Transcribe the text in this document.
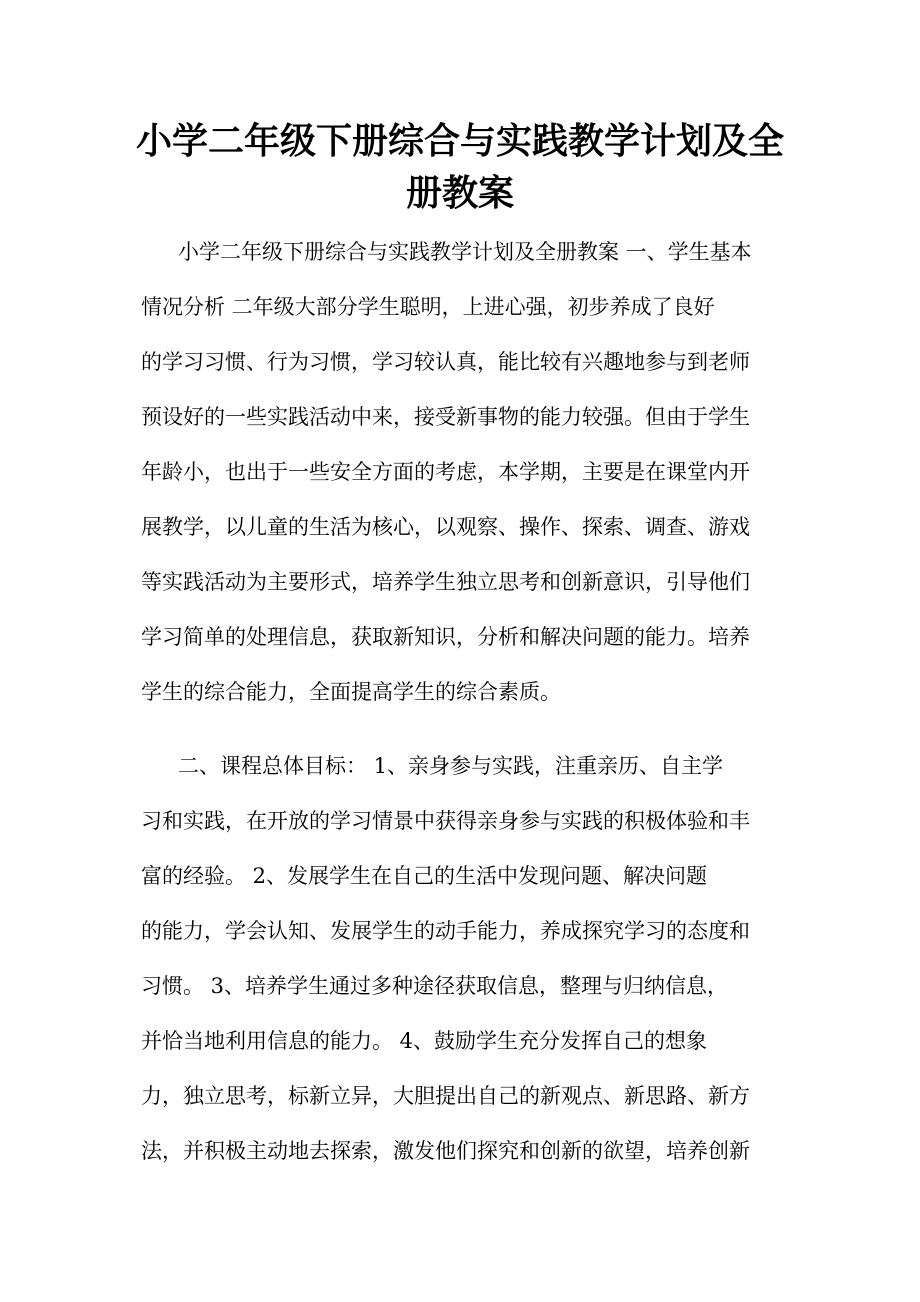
小学二年级下册综合与实践教学计划及全
册教案
小学二年级下册综合与实践教学计划及全册教案 一、学生基本
情况分析 二年级大部分学生聪明，上进心强，初步养成了良好
的学习习惯、行为习惯，学习较认真，能比较有兴趣地参与到老师
预设好的一些实践活动中来，接受新事物的能力较强。但由于学生
年龄小，也出于一些安全方面的考虑，本学期，主要是在课堂内开
展教学，以儿童的生活为核心，以观察、操作、探索、调查、游戏
等实践活动为主要形式，培养学生独立思考和创新意识，引导他们
学习简单的处理信息，获取新知识，分析和解决问题的能力。培养
学生的综合能力，全面提高学生的综合素质。
二、课程总体目标： 1、亲身参与实践，注重亲历、自主学
习和实践，在开放的学习情景中获得亲身参与实践的积极体验和丰
富的经验。 2、发展学生在自己的生活中发现问题、解决问题
的能力，学会认知、发展学生的动手能力，养成探究学习的态度和
习惯。 3、培养学生通过多种途径获取信息，整理与归纳信息，
并恰当地利用信息的能力。 4、鼓励学生充分发挥自己的想象
力，独立思考，标新立异，大胆提出自己的新观点、新思路、新方
法，并积极主动地去探索，激发他们探究和创新的欲望，培养创新
